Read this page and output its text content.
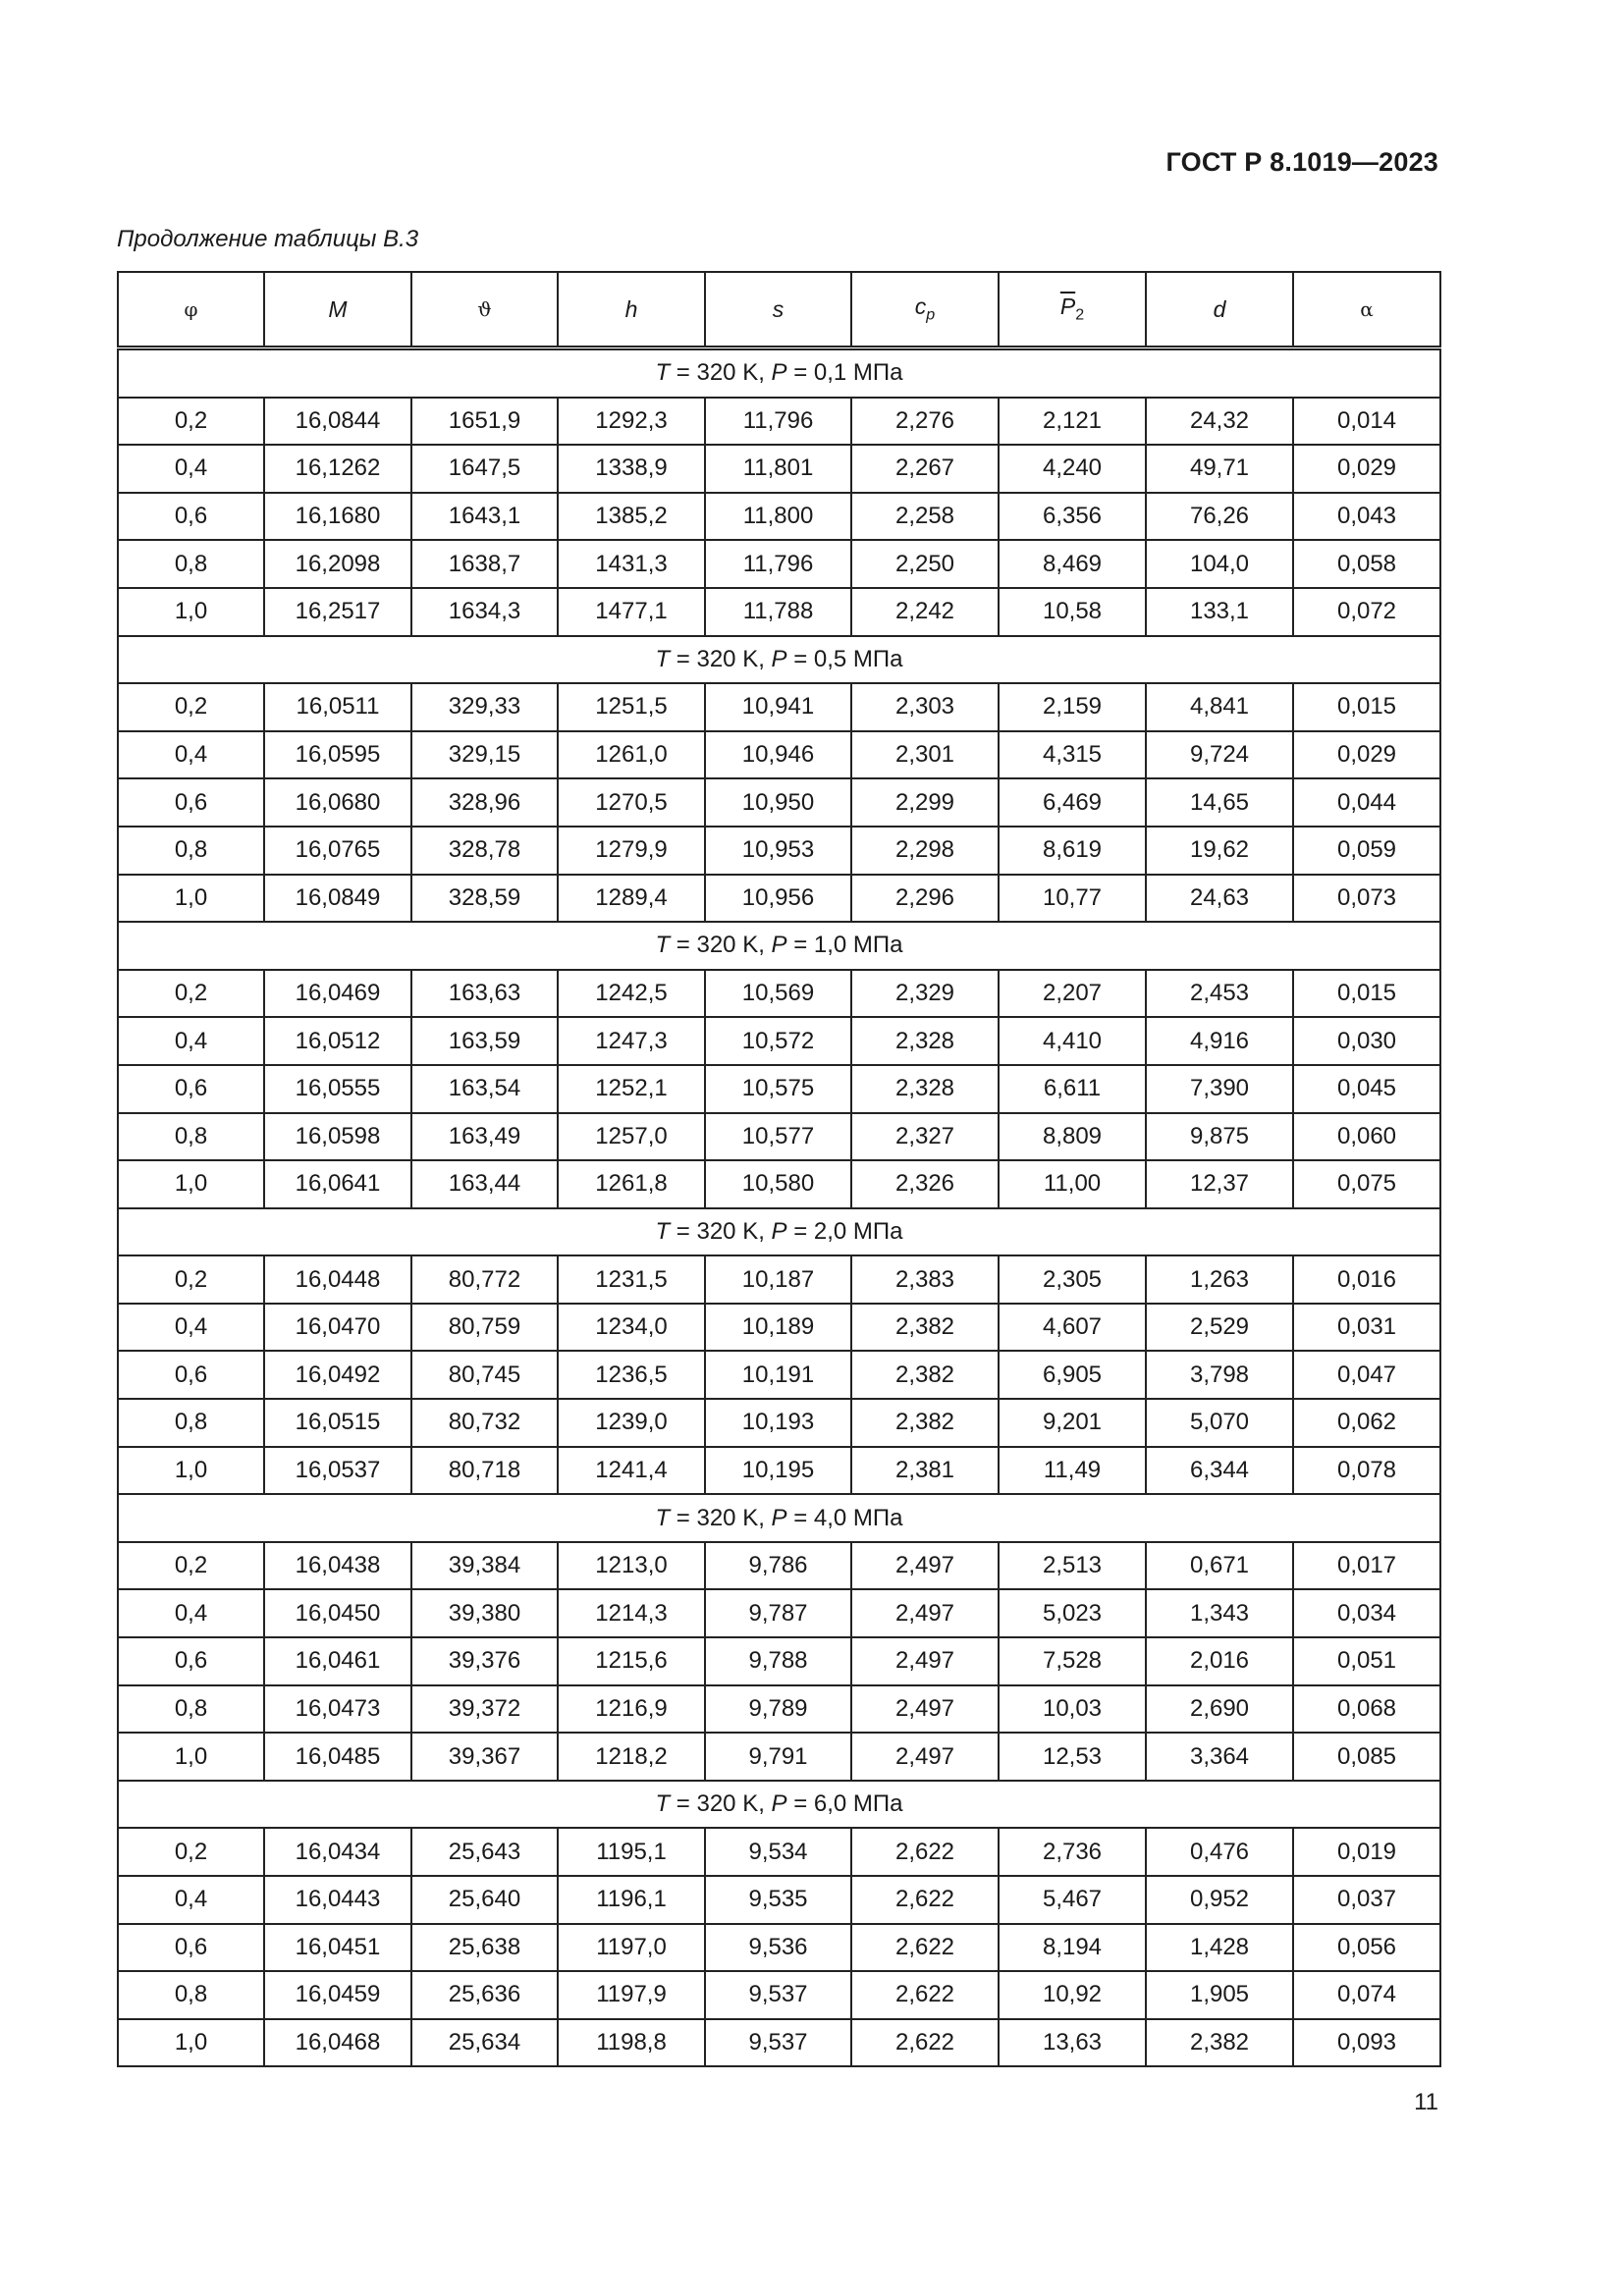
ГОСТ Р 8.1019—2023
Продолжение таблицы В.3
φ	M	ϑ	h	s	$c_p$	$\overline{P}_2$	d	α
T = 320 K, P = 0,1 МПа								
0,2	16,0844	1651,9	1292,3	11,796	2,276	2,121	24,32	0,014
0,4	16,1262	1647,5	1338,9	11,801	2,267	4,240	49,71	0,029
0,6	16,1680	1643,1	1385,2	11,800	2,258	6,356	76,26	0,043
0,8	16,2098	1638,7	1431,3	11,796	2,250	8,469	104,0	0,058
1,0	16,2517	1634,3	1477,1	11,788	2,242	10,58	133,1	0,072
T = 320 K, P = 0,5 МПа								
0,2	16,0511	329,33	1251,5	10,941	2,303	2,159	4,841	0,015
0,4	16,0595	329,15	1261,0	10,946	2,301	4,315	9,724	0,029
0,6	16,0680	328,96	1270,5	10,950	2,299	6,469	14,65	0,044
0,8	16,0765	328,78	1279,9	10,953	2,298	8,619	19,62	0,059
1,0	16,0849	328,59	1289,4	10,956	2,296	10,77	24,63	0,073
T = 320 K, P = 1,0 МПа								
0,2	16,0469	163,63	1242,5	10,569	2,329	2,207	2,453	0,015
0,4	16,0512	163,59	1247,3	10,572	2,328	4,410	4,916	0,030
0,6	16,0555	163,54	1252,1	10,575	2,328	6,611	7,390	0,045
0,8	16,0598	163,49	1257,0	10,577	2,327	8,809	9,875	0,060
1,0	16,0641	163,44	1261,8	10,580	2,326	11,00	12,37	0,075
T = 320 K, P = 2,0 МПа								
0,2	16,0448	80,772	1231,5	10,187	2,383	2,305	1,263	0,016
0,4	16,0470	80,759	1234,0	10,189	2,382	4,607	2,529	0,031
0,6	16,0492	80,745	1236,5	10,191	2,382	6,905	3,798	0,047
0,8	16,0515	80,732	1239,0	10,193	2,382	9,201	5,070	0,062
1,0	16,0537	80,718	1241,4	10,195	2,381	11,49	6,344	0,078
T = 320 K, P = 4,0 МПа								
0,2	16,0438	39,384	1213,0	9,786	2,497	2,513	0,671	0,017
0,4	16,0450	39,380	1214,3	9,787	2,497	5,023	1,343	0,034
0,6	16,0461	39,376	1215,6	9,788	2,497	7,528	2,016	0,051
0,8	16,0473	39,372	1216,9	9,789	2,497	10,03	2,690	0,068
1,0	16,0485	39,367	1218,2	9,791	2,497	12,53	3,364	0,085
T = 320 K, P = 6,0 МПа								
0,2	16,0434	25,643	1195,1	9,534	2,622	2,736	0,476	0,019
0,4	16,0443	25,640	1196,1	9,535	2,622	5,467	0,952	0,037
0,6	16,0451	25,638	1197,0	9,536	2,622	8,194	1,428	0,056
0,8	16,0459	25,636	1197,9	9,537	2,622	10,92	1,905	0,074
1,0	16,0468	25,634	1198,8	9,537	2,622	13,63	2,382	0,093
11
